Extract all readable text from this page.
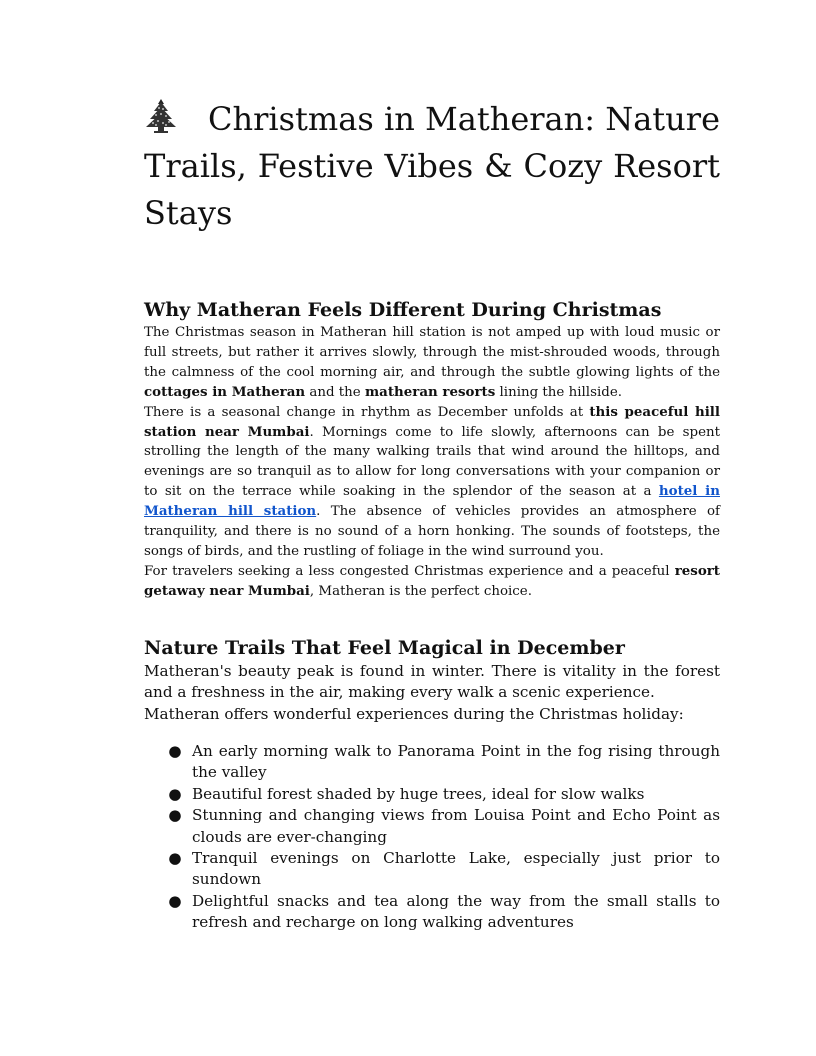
Christmas in Matheran: Nature Trails, Festive Vibes & Cozy Resort Stays
Why Matheran Feels Different During Christmas

The Christmas season in Matheran hill station is not amped up with loud music or full streets, but rather it arrives slowly, through the mist-shrouded woods, through the calmness of the cool morning air, and through the subtle glowing lights of the cottages in Matheran and the matheran resorts lining the hillside.

There is a seasonal change in rhythm as December unfolds at this peaceful hill station near Mumbai. Mornings come to life slowly, afternoons can be spent strolling the length of the many walking trails that wind around the hilltops, and evenings are so tranquil as to allow for long conversations with your companion or to sit on the terrace while soaking in the splendor of the season at a hotel in Matheran hill station. The absence of vehicles provides an atmosphere of tranquility, and there is no sound of a horn honking. The sounds of footsteps, the songs of birds, and the rustling of foliage in the wind surround you.

For travelers seeking a less congested Christmas experience and a peaceful resort getaway near Mumbai, Matheran is the perfect choice.

Nature Trails That Feel Magical in December

Matheran's beauty peak is found in winter. There is vitality in the forest and a freshness in the air, making every walk a scenic experience.

Matheran offers wonderful experiences during the Christmas holiday:

● An early morning walk to Panorama Point in the fog rising through the valley
● Beautiful forest shaded by huge trees, ideal for slow walks
● Stunning and changing views from Louisa Point and Echo Point as clouds are ever-changing
● Tranquil evenings on Charlotte Lake, especially just prior to sundown
● Delightful snacks and tea along the way from the small stalls to refresh and recharge on long walking adventures
